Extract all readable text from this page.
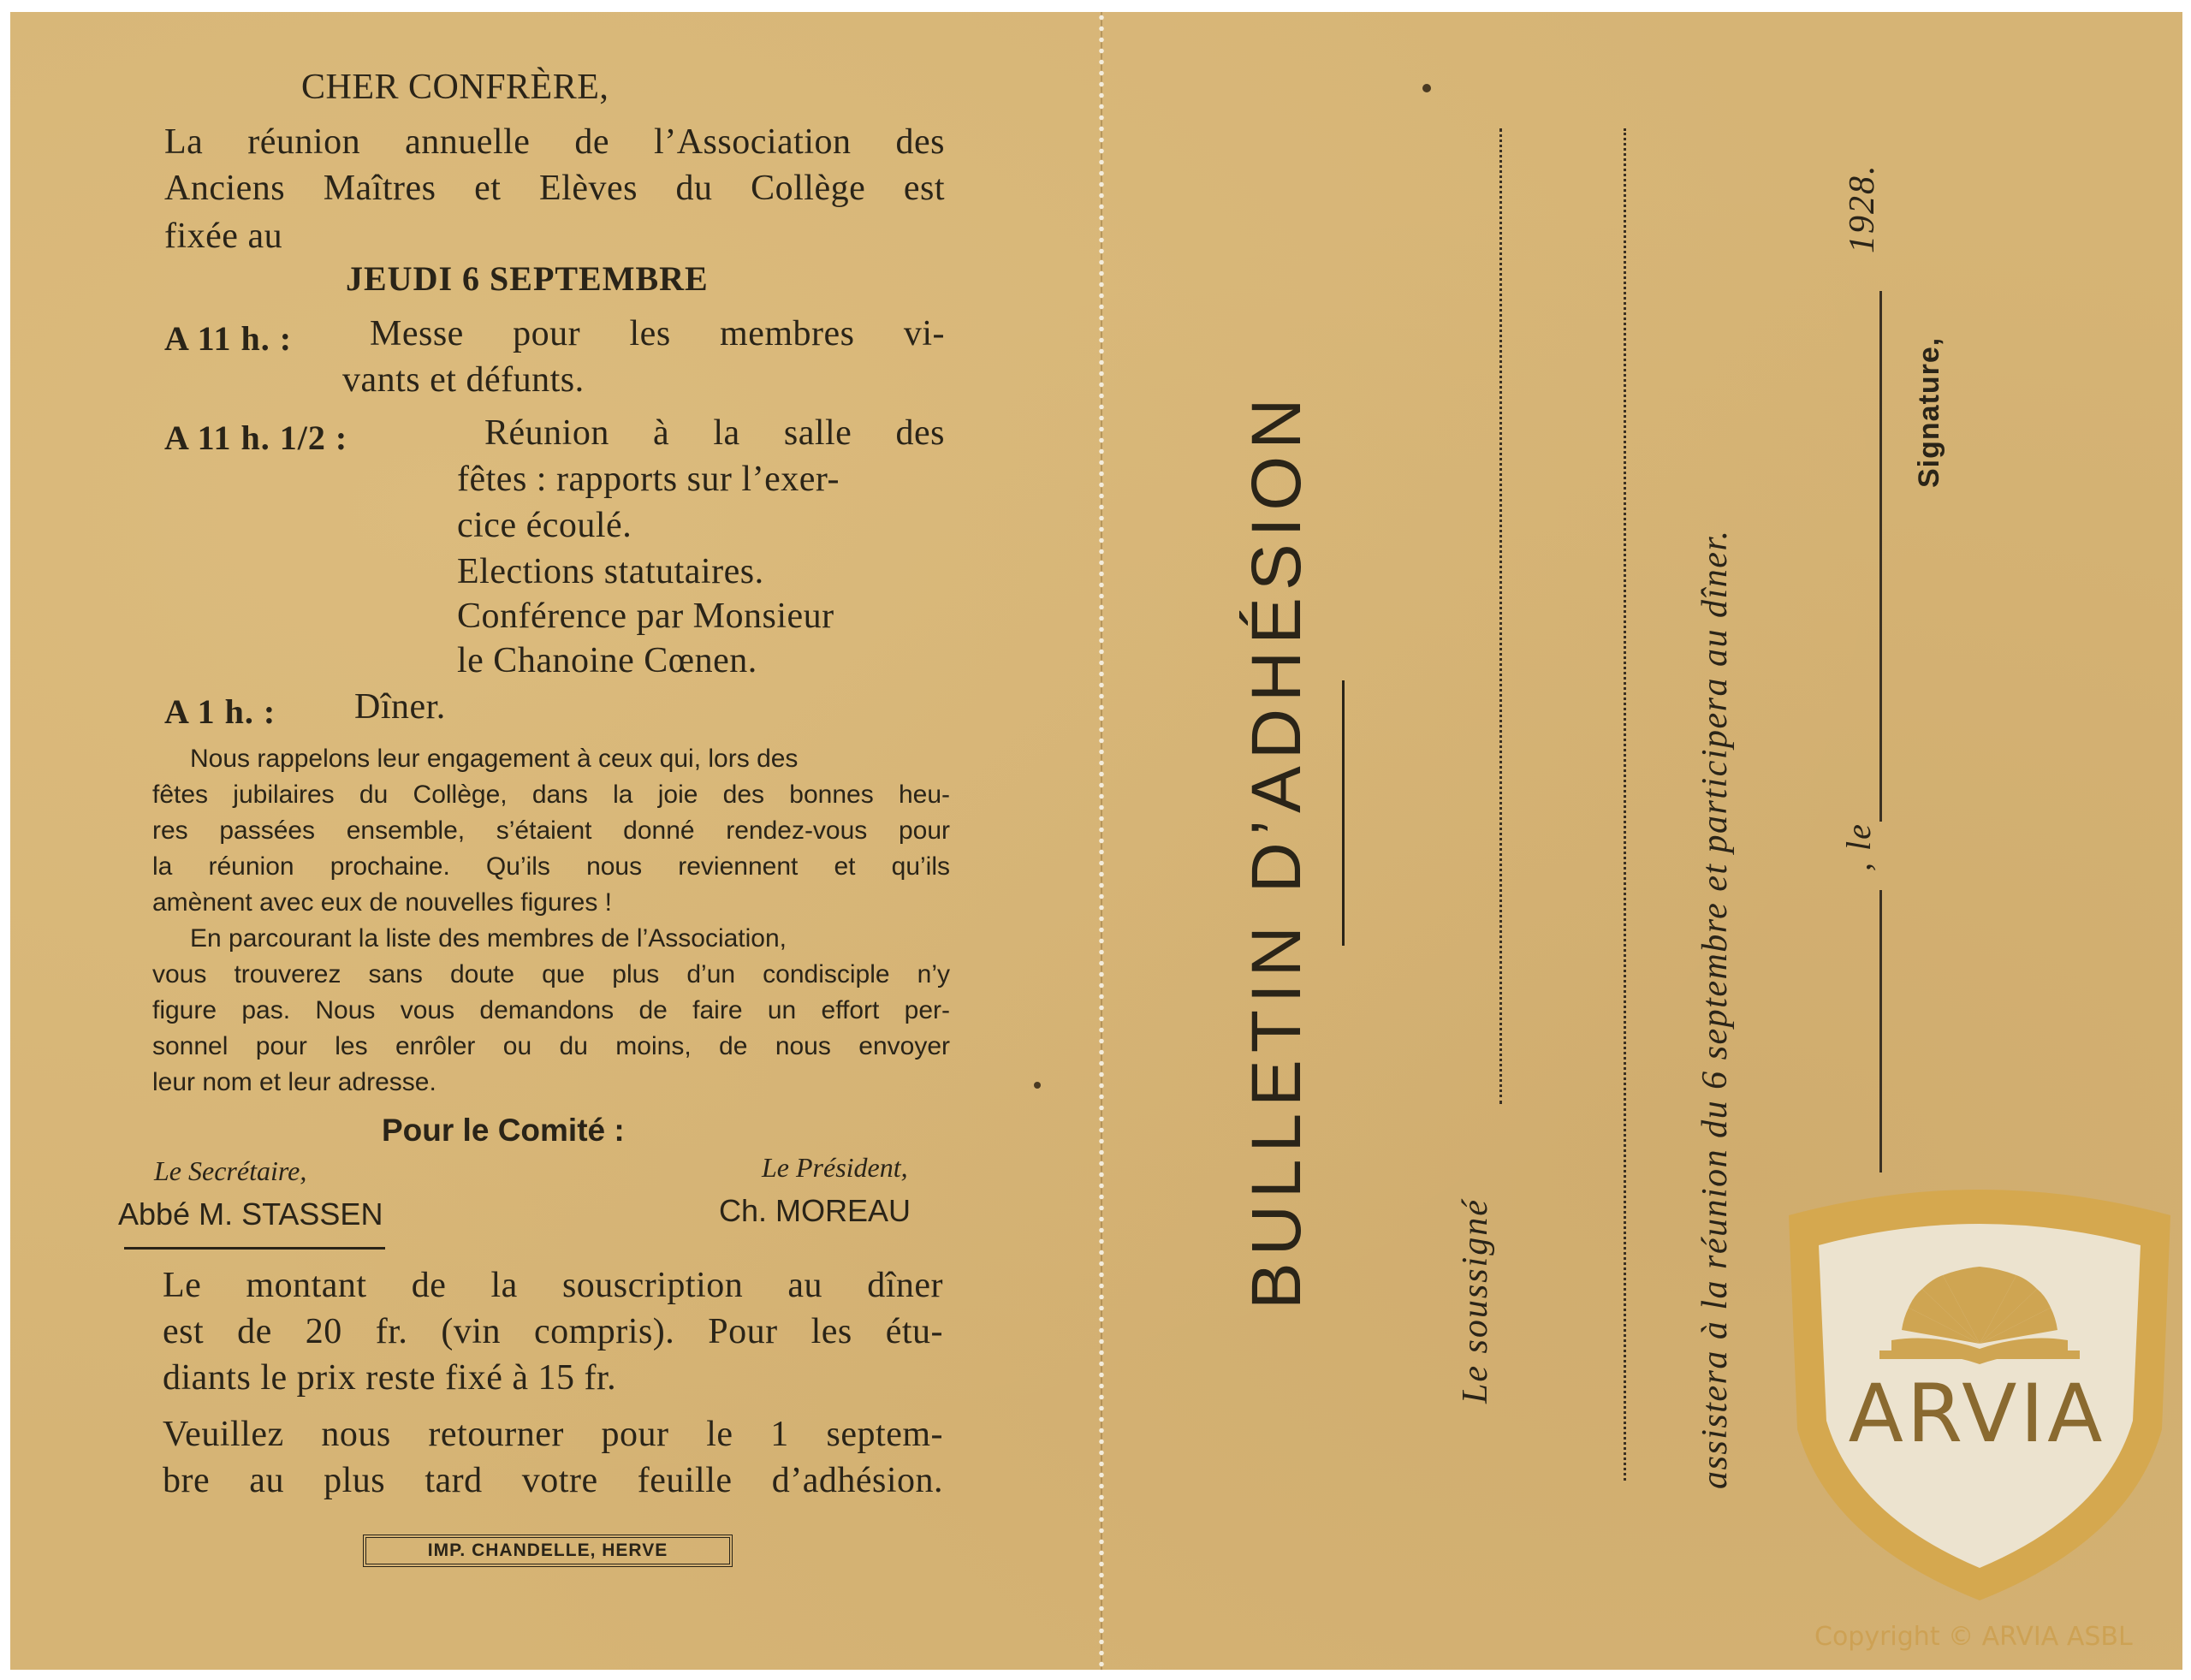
CHER CONFRÈRE,
La réunion annuelle de l’Association des
Anciens Maîtres et Elèves du Collège est
fixée au
JEUDI 6 SEPTEMBRE
A 11 h. : Messe pour les membres vi-
vants et défunts.
A 11 h. 1/2 :	Réunion à la salle des
fêtes : rapports sur l’exer-
cice écoulé.
Elections statutaires.
Conférence par Monsieur
le Chanoine Cœnen.
A 1 h. : Dîner.
Nous rappelons leur engagement à ceux qui, lors des
fêtes jubilaires du Collège, dans la joie des bonnes heu-
res passées ensemble, s’étaient donné rendez-vous pour
la réunion prochaine. Qu’ils nous reviennent et qu’ils
amènent avec eux de nouvelles figures !
En parcourant la liste des membres de l’Association,
vous trouverez sans doute que plus d’un condisciple n’y
figure pas. Nous vous demandons de faire un effort per-
sonnel pour les enrôler ou du moins, de nous envoyer
leur nom et leur adresse.
Pour le Comité :
Le Secrétaire,	Le Président,
Abbé M. STASSEN	Ch. MOREAU
Le montant de la souscription au dîner
est de 20 fr. (vin compris). Pour les étu-
diants le prix reste fixé à 15 fr.
Veuillez nous retourner pour le 1 septem-
bre au plus tard votre feuille d’adhésion.
IMP. CHANDELLE, HERVE
BULLETIN D’ADHÉSION	Le soussigné	assistera à la réunion du 6 septembre et participera au dîner.	, le
1928.
Signature,
ARVIA
Copyright © ARVIA ASBL
